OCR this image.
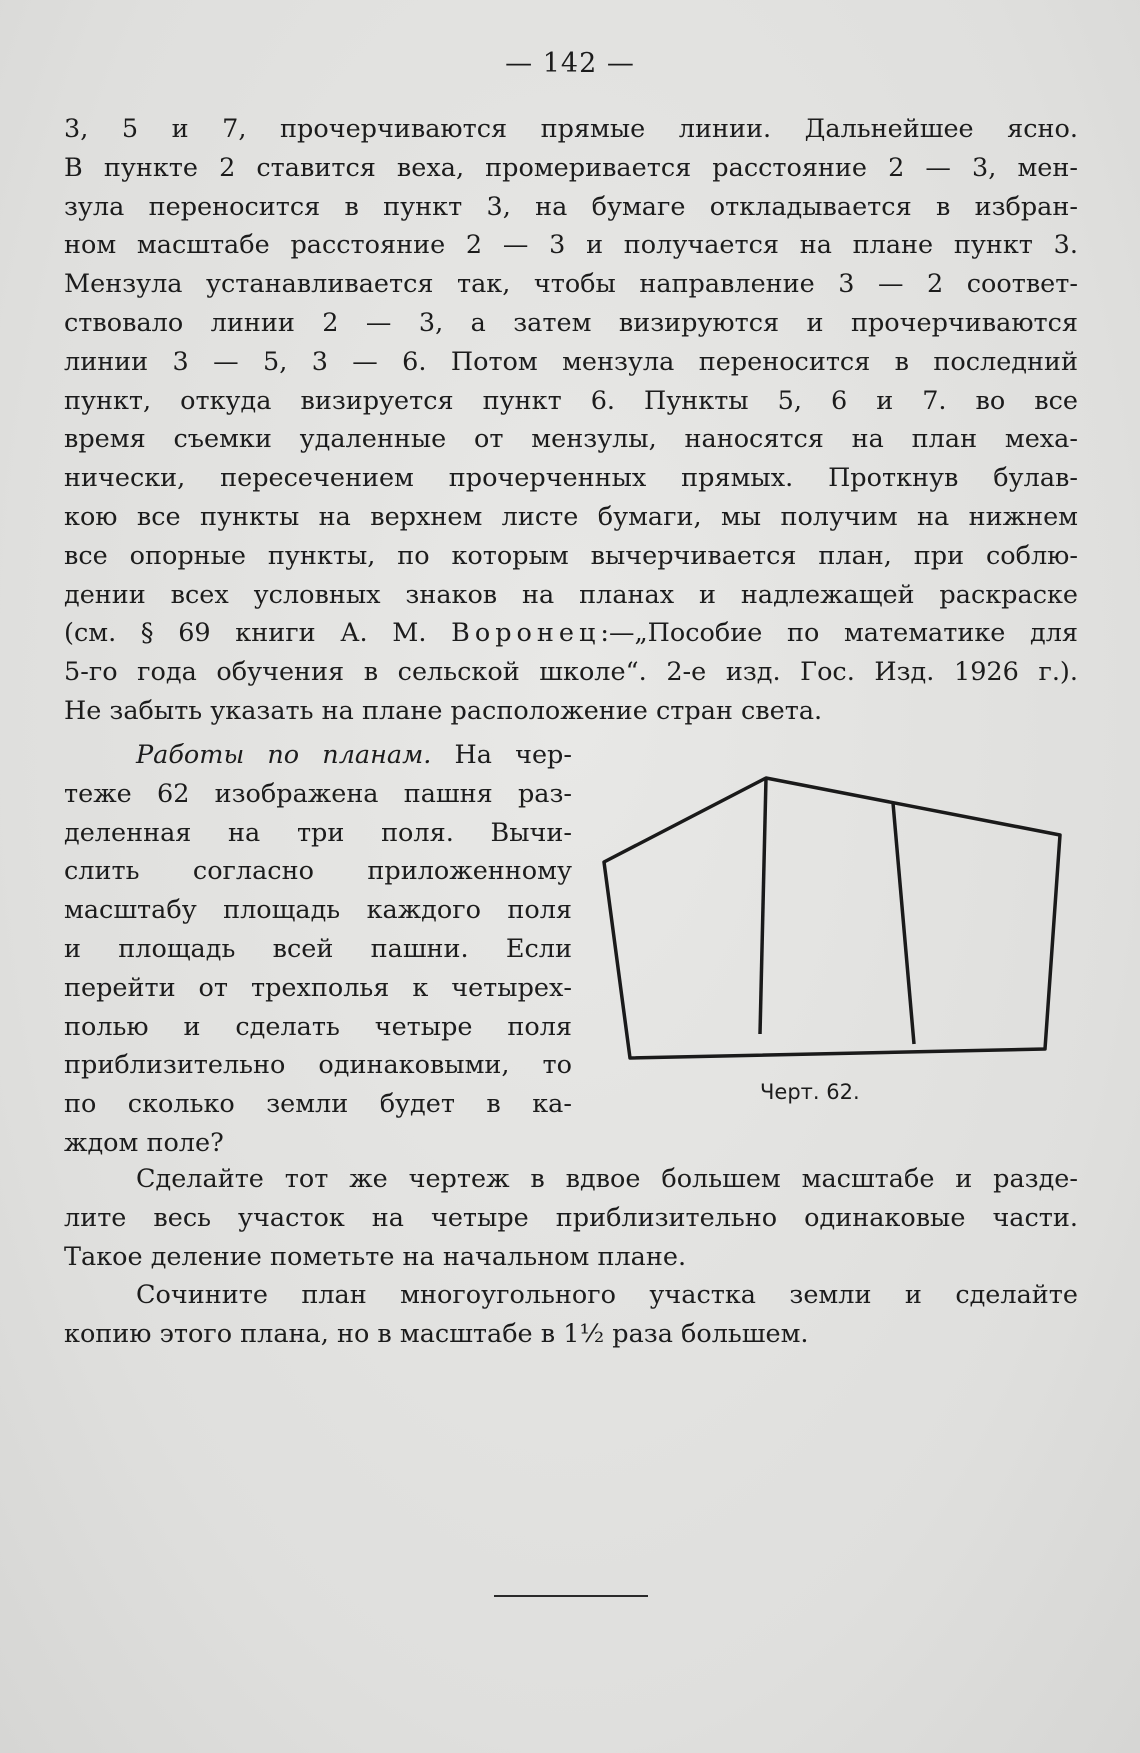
— 142 —
3, 5 и 7, прочерчиваются прямые линии. Дальнейшее ясно.
В пункте 2 ставится веха, промеривается расстояние 2 — 3, мен-
зула переносится в пункт 3, на бумаге откладывается в избран-
ном масштабе расстояние 2 — 3 и получается на плане пункт 3.
Мензула устанавливается так, чтобы направление 3 — 2 соответ-
ствовало линии 2 — 3, а затем визируются и прочерчиваются
линии 3 — 5, 3 — 6. Потом мензула переносится в последний
пункт, откуда визируется пункт 6. Пункты 5, 6 и 7. во все
время съемки удаленные от мензулы, наносятся на план меха-
нически, пересечением прочерченных прямых. Проткнув булав-
кою все пункты на верхнем листе бумаги, мы получим на нижнем
все опорные пункты, по которым вычерчивается план, при соблю-
дении всех условных знаков на планах и надлежащей раскраске
(см. § 69 книги А. М. Воронец:—„Пособие по математике для
5-го года обучения в сельской школе“. 2-е изд. Гос. Изд. 1926 г.).
Не забыть указать на плане расположение стран света.
Работы по планам. На чер-
теже 62 изображена пашня раз-
деленная на три поля. Вычи-
слить согласно приложенному
масштабу площадь каждого поля
и площадь всей пашни. Если
перейти от трехполья к четырех-
полью и сделать четыре поля
приблизительно одинаковыми, то
по сколько земли будет в ка-
ждом поле?
Черт. 62.
Сделайте тот же чертеж в вдвое большем масштабе и разде-
лите весь участок на четыре приблизительно одинаковые части.
Такое деление пометьте на начальном плане.
Сочините план многоугольного участка земли и сделайте
копию этого плана, но в масштабе в 1½ раза большем.
